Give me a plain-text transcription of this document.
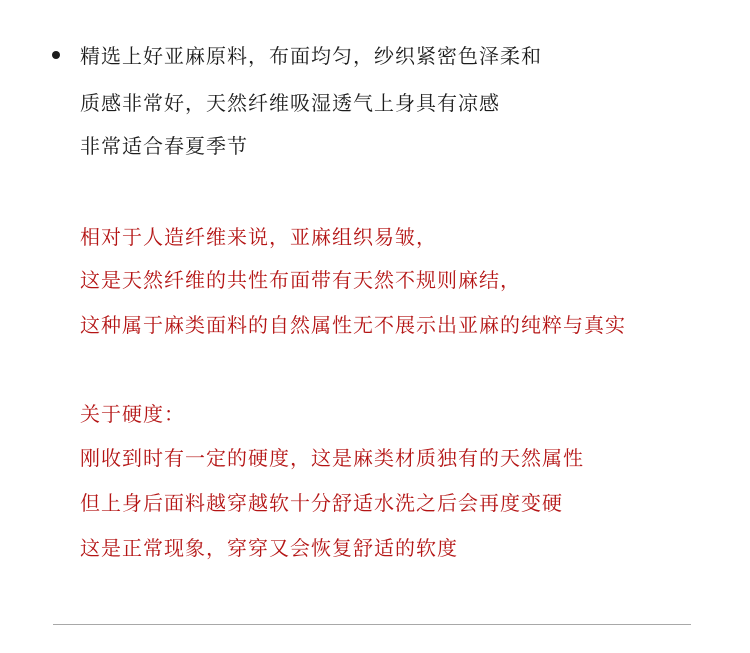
精选上好亚麻原料，布面均匀，纱织紧密色泽柔和
质感非常好，天然纤维吸湿透气上身具有凉感
非常适合春夏季节
相对于人造纤维来说，亚麻组织易皱，
这是天然纤维的共性布面带有天然不规则麻结，
这种属于麻类面料的自然属性无不展示出亚麻的纯粹与真实
关于硬度：
刚收到时有一定的硬度，这是麻类材质独有的天然属性
但上身后面料越穿越软十分舒适水洗之后会再度变硬
这是正常现象，穿穿又会恢复舒适的软度
